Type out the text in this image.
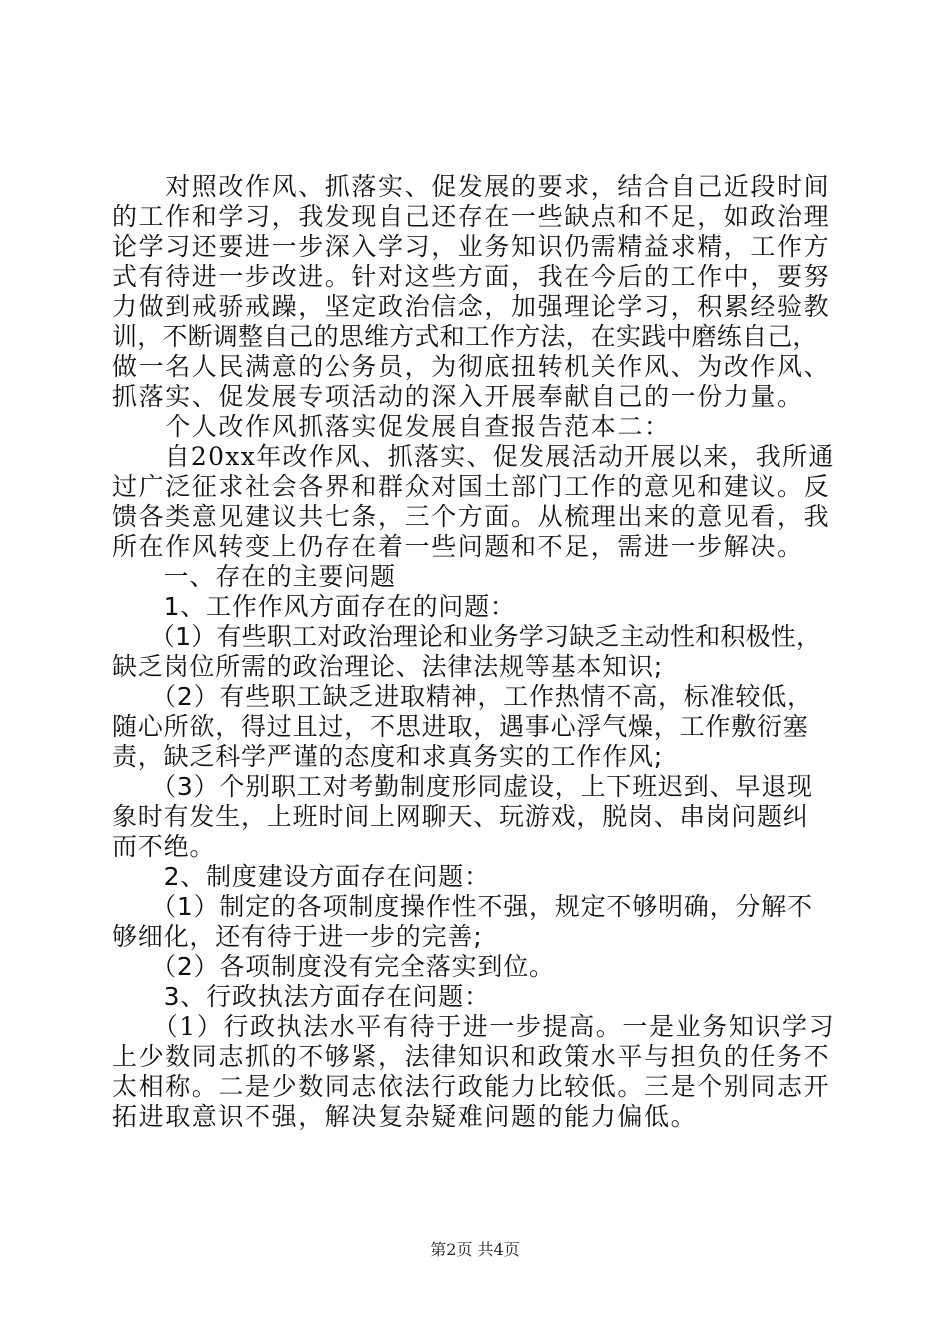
　　对照改作风、抓落实、促发展的要求，结合自己近段时间
的工作和学习，我发现自己还存在一些缺点和不足，如政治理
论学习还要进一步深入学习，业务知识仍需精益求精，工作方
式有待进一步改进。针对这些方面，我在今后的工作中，要努
力做到戒骄戒躁，坚定政治信念，加强理论学习，积累经验教
训，不断调整自己的思维方式和工作方法，在实践中磨练自己，
做一名人民满意的公务员，为彻底扭转机关作风、为改作风、
抓落实、促发展专项活动的深入开展奉献自己的一份力量。
　　个人改作风抓落实促发展自查报告范本二：
　　自20xx年改作风、抓落实、促发展活动开展以来，我所通
过广泛征求社会各界和群众对国土部门工作的意见和建议。反
馈各类意见建议共七条，三个方面。从梳理出来的意见看，我
所在作风转变上仍存在着一些问题和不足，需进一步解决。
　　一、存在的主要问题
　　1、工作作风方面存在的问题：
　　（1）有些职工对政治理论和业务学习缺乏主动性和积极性，
缺乏岗位所需的政治理论、法律法规等基本知识;
　　（2）有些职工缺乏进取精神，工作热情不高，标准较低，
随心所欲，得过且过，不思进取，遇事心浮气燥，工作敷衍塞
责，缺乏科学严谨的态度和求真务实的工作作风;
　　（3）个别职工对考勤制度形同虚设，上下班迟到、早退现
象时有发生，上班时间上网聊天、玩游戏，脱岗、串岗问题纠
而不绝。
　　2、制度建设方面存在问题：
　　（1）制定的各项制度操作性不强，规定不够明确，分解不
够细化，还有待于进一步的完善;
　　（2）各项制度没有完全落实到位。
　　3、行政执法方面存在问题：
　　（1）行政执法水平有待于进一步提高。一是业务知识学习
上少数同志抓的不够紧，法律知识和政策水平与担负的任务不
太相称。二是少数同志依法行政能力比较低。三是个别同志开
拓进取意识不强，解决复杂疑难问题的能力偏低。
第2页 共4页
